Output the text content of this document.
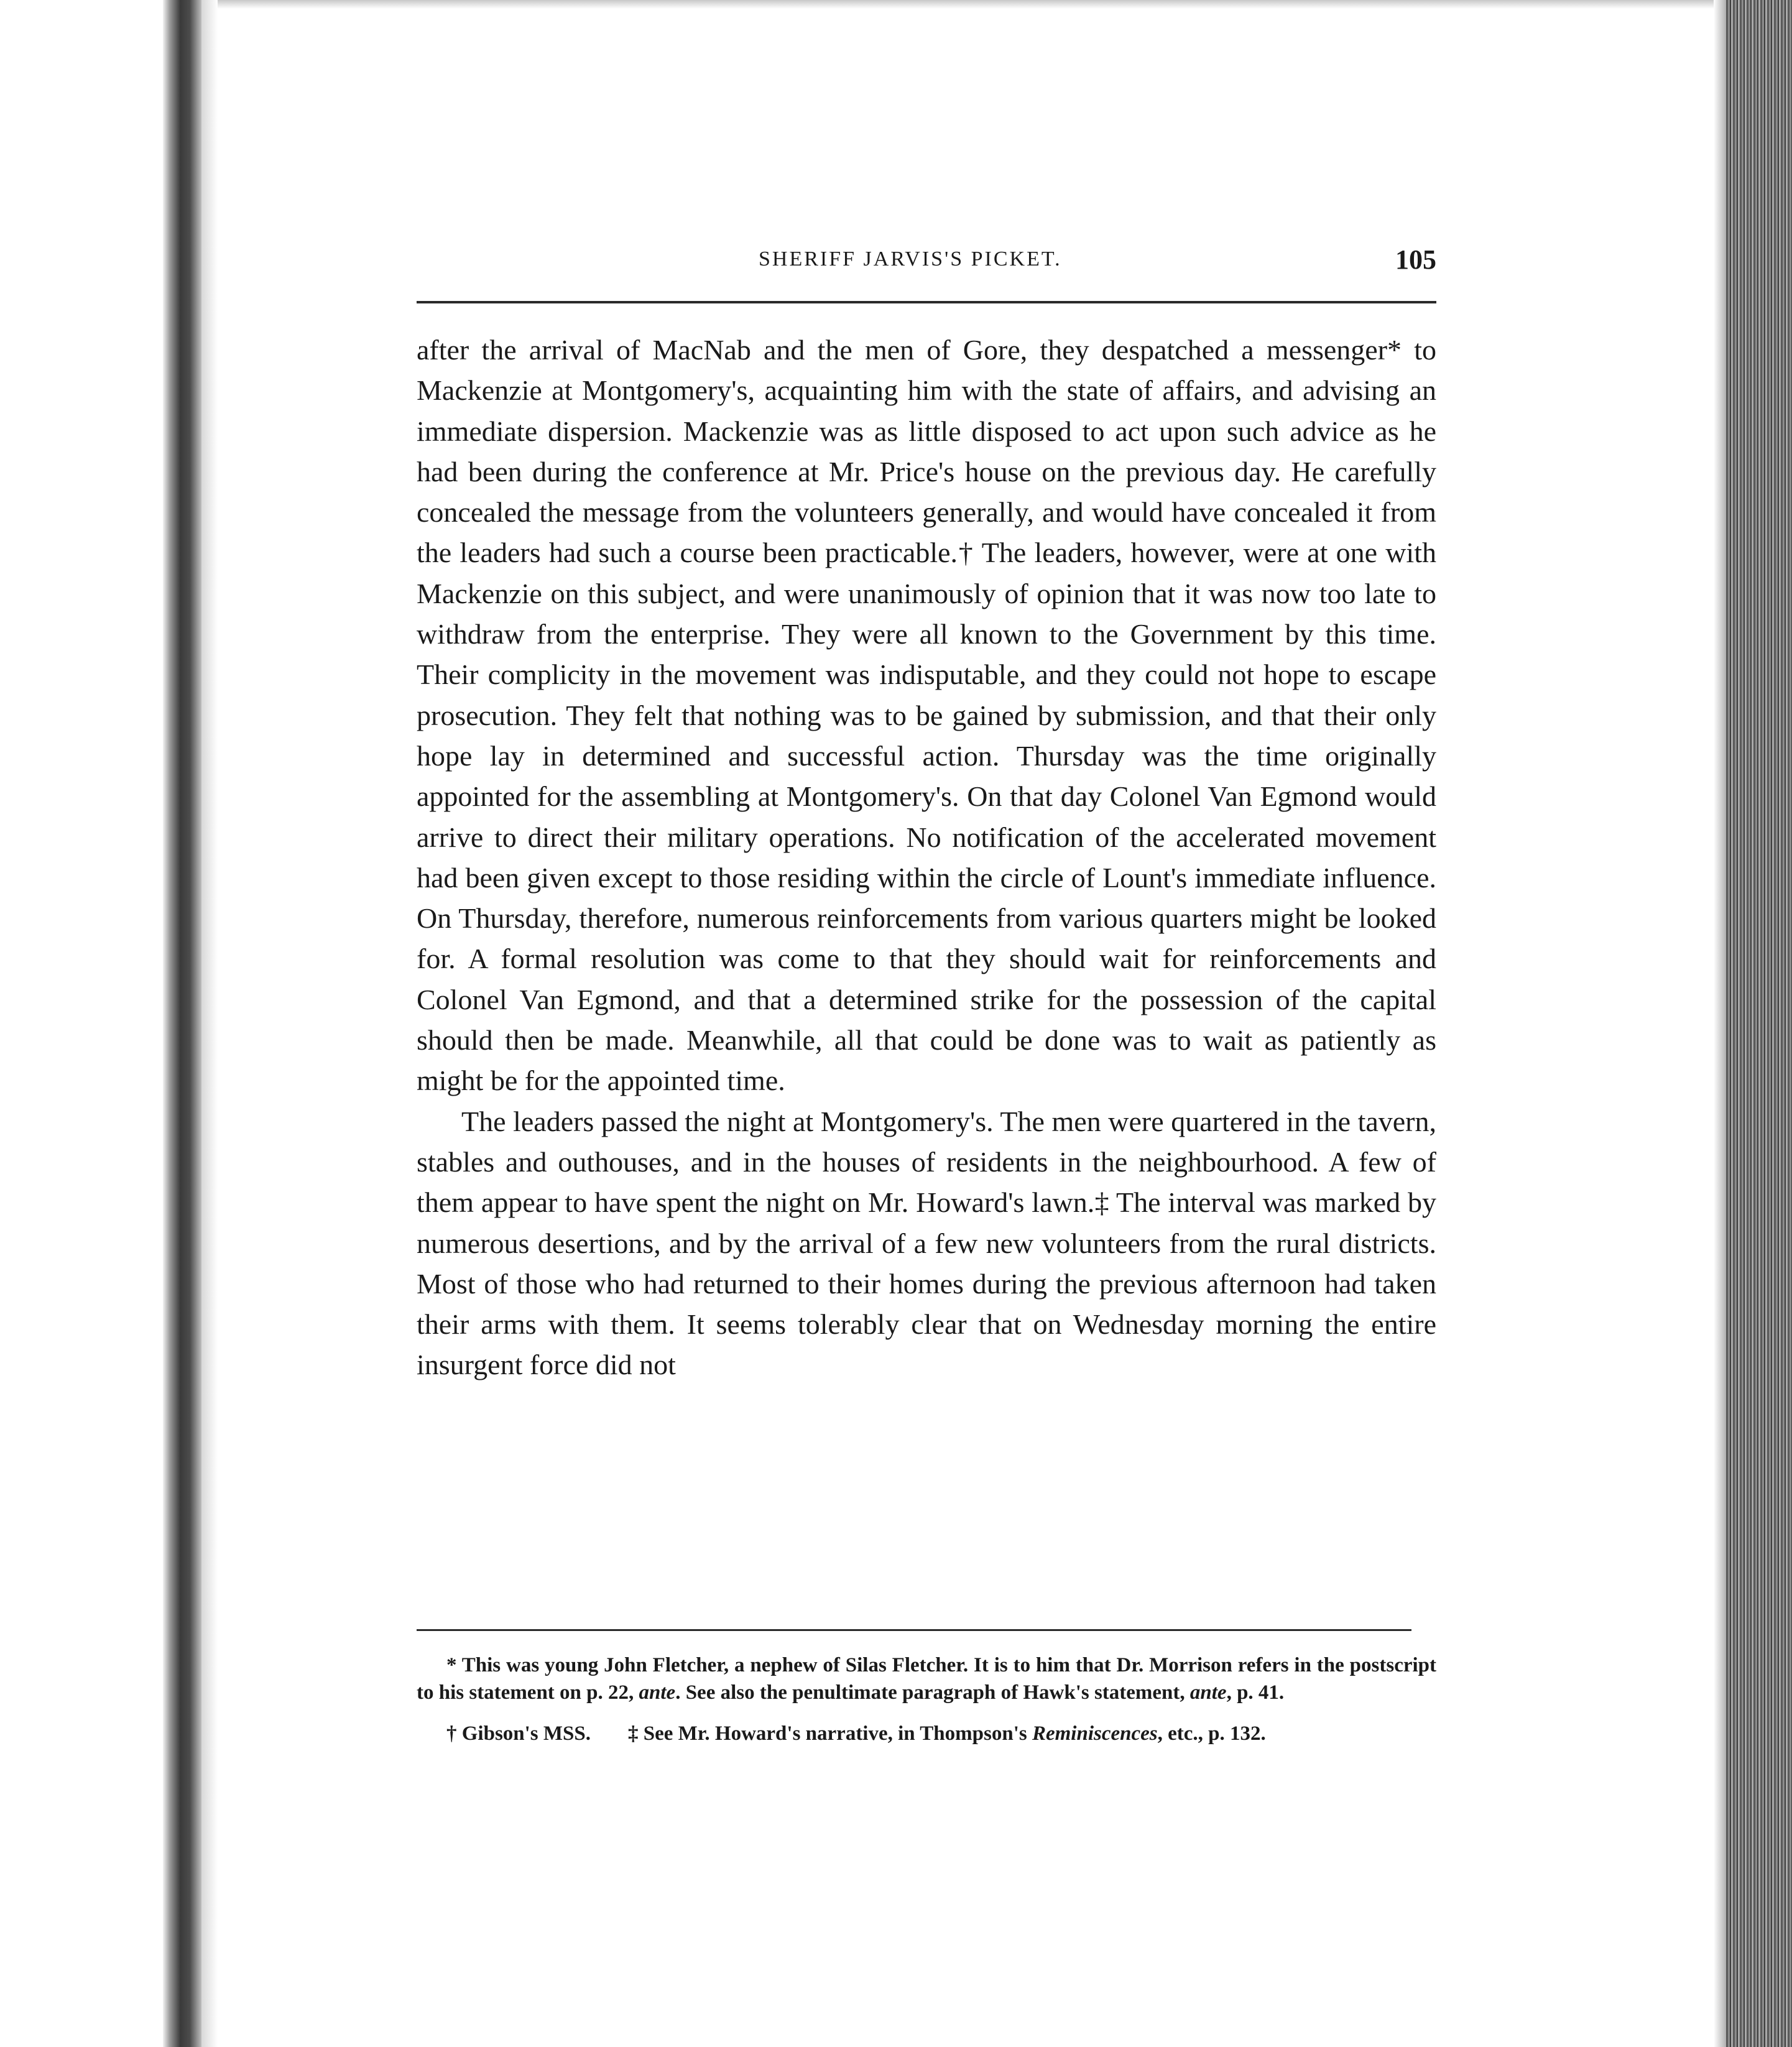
SHERIFF JARVIS'S PICKET.	105

after the arrival of MacNab and the men of Gore, they despatched a messenger* to Mackenzie at Montgomery's, acquainting him with the state of affairs, and advising an immediate dispersion. Mackenzie was as little disposed to act upon such advice as he had been during the conference at Mr. Price's house on the previous day. He carefully concealed the message from the volunteers generally, and would have concealed it from the leaders had such a course been practicable.† The leaders, however, were at one with Mackenzie on this subject, and were unanimously of opinion that it was now too late to withdraw from the enterprise. They were all known to the Government by this time. Their complicity in the movement was indisputable, and they could not hope to escape prosecution. They felt that nothing was to be gained by submission, and that their only hope lay in determined and successful action. Thursday was the time originally appointed for the assembling at Montgomery's. On that day Colonel Van Egmond would arrive to direct their military operations. No notification of the accelerated movement had been given except to those residing within the circle of Lount's immediate influence. On Thursday, therefore, numerous reinforcements from various quarters might be looked for. A formal resolution was come to that they should wait for reinforcements and Colonel Van Egmond, and that a determined strike for the possession of the capital should then be made. Meanwhile, all that could be done was to wait as patiently as might be for the appointed time.

The leaders passed the night at Montgomery's. The men were quartered in the tavern, stables and outhouses, and in the houses of residents in the neighbourhood. A few of them appear to have spent the night on Mr. Howard's lawn.‡ The interval was marked by numerous desertions, and by the arrival of a few new volunteers from the rural districts. Most of those who had returned to their homes during the previous afternoon had taken their arms with them. It seems tolerably clear that on Wednesday morning the entire insurgent force did not

* This was young John Fletcher, a nephew of Silas Fletcher. It is to him that Dr. Morrison refers in the postscript to his statement on p. 22, ante. See also the penultimate paragraph of Hawk's statement, ante, p. 41.

† Gibson's MSS. ‡ See Mr. Howard's narrative, in Thompson's Reminiscences, etc., p. 132.
